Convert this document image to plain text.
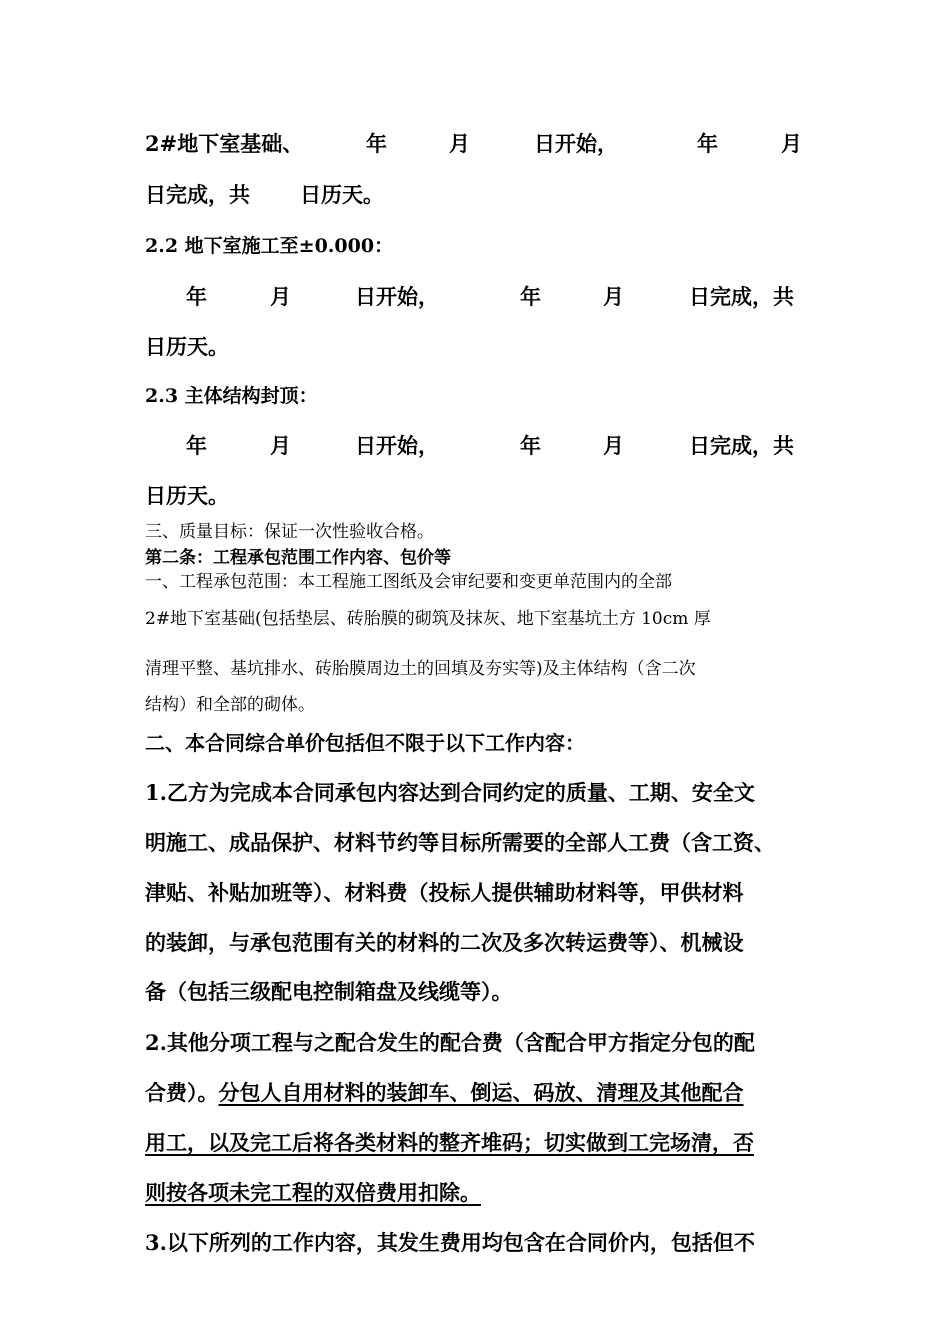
2#地下室基础、	年	月	日开始，	年	月
日完成，共 日历天。
2.2 地下室施工至±0.000：
年	月	日开始，	年	月	日完成，共
日历天。
2.3 主体结构封顶：
年	月	日开始，	年	月	日完成，共
日历天。
三、质量目标：保证一次性验收合格。
第二条：工程承包范围工作内容、包价等
一、工程承包范围：本工程施工图纸及会审纪要和变更单范围内的全部
2#地下室基础(包括垫层、砖胎膜的砌筑及抹灰、地下室基坑土方 10cm 厚
清理平整、基坑排水、砖胎膜周边土的回填及夯实等)及主体结构（含二次
结构）和全部的砌体。
二、本合同综合单价包括但不限于以下工作内容：
1.乙方为完成本合同承包内容达到合同约定的质量、工期、安全文
明施工、成品保护、材料节约等目标所需要的全部人工费（含工资、
津贴、补贴加班等）、材料费（投标人提供辅助材料等，甲供材料
的装卸，与承包范围有关的材料的二次及多次转运费等）、机械设
备（包括三级配电控制箱盘及线缆等）。
2.其他分项工程与之配合发生的配合费（含配合甲方指定分包的配
合费）。分包人自用材料的装卸车、倒运、码放、清理及其他配合
用工，以及完工后将各类材料的整齐堆码；切实做到工完场清，否
则按各项未完工程的双倍费用扣除。
3.以下所列的工作内容，其发生费用均包含在合同价内，包括但不
